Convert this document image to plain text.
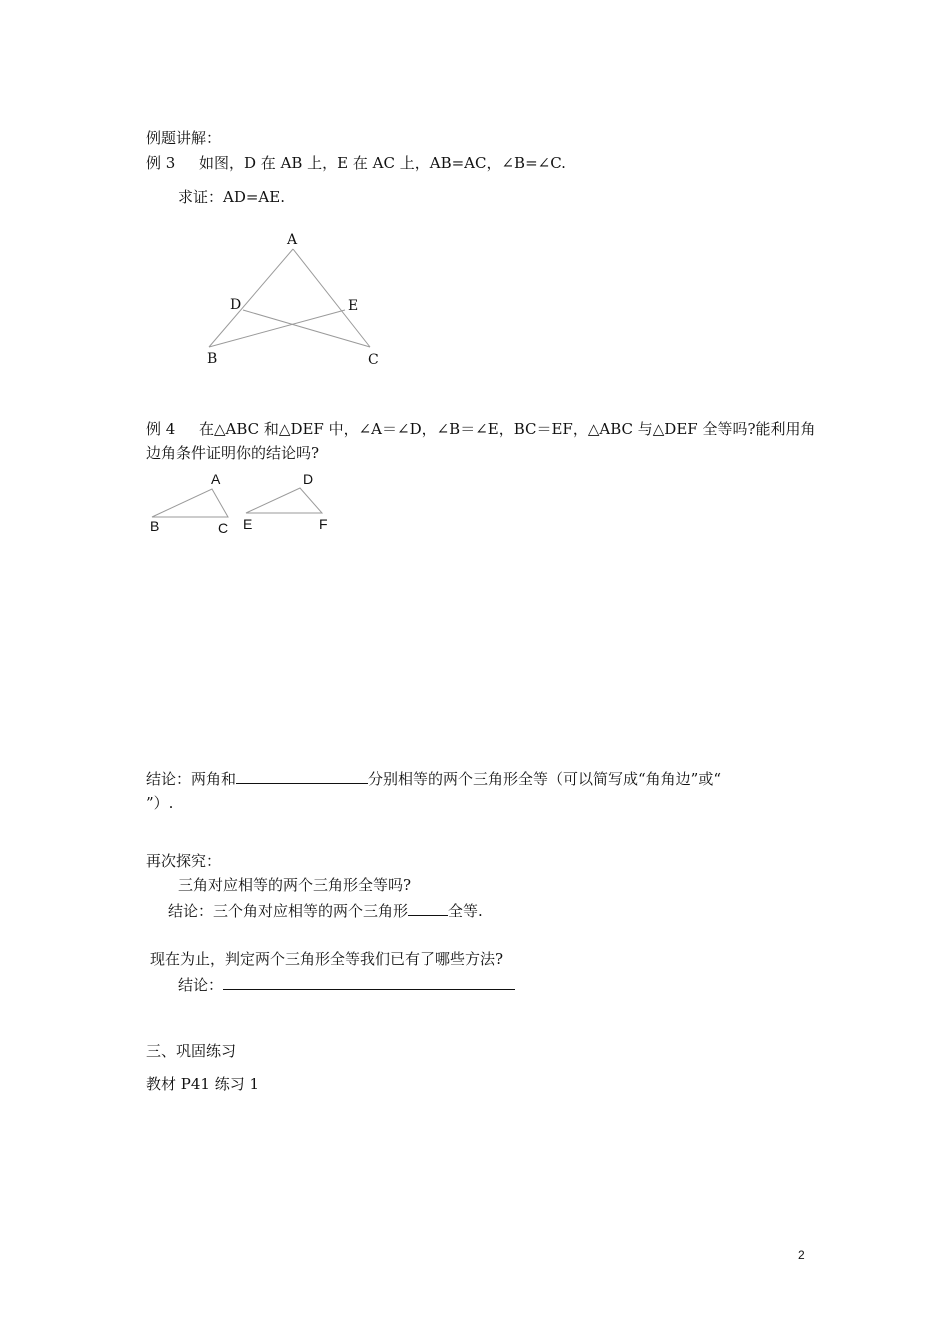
例题讲解：
例 3 如图，D 在 AB 上，E 在 AC 上，AB=AC，∠B=∠C.
求证：AD=AE.
A
D	E
B	C
例 4 在△ABC 和△DEF 中，∠A＝∠D，∠B＝∠E，BC＝EF，△ABC 与△DEF 全等吗?能利用角
边角条件证明你的结论吗?
A
B	C
D
E	F
结论：两角和	分别相等的两个三角形全等（可以简写成“角角边”或“
”）.
再次探究：
三角对应相等的两个三角形全等吗?
结论：三个角对应相等的两个三角形	全等.
现在为止，判定两个三角形全等我们已有了哪些方法?
结论：
三、巩固练习
教材 P41 练习 1
2
